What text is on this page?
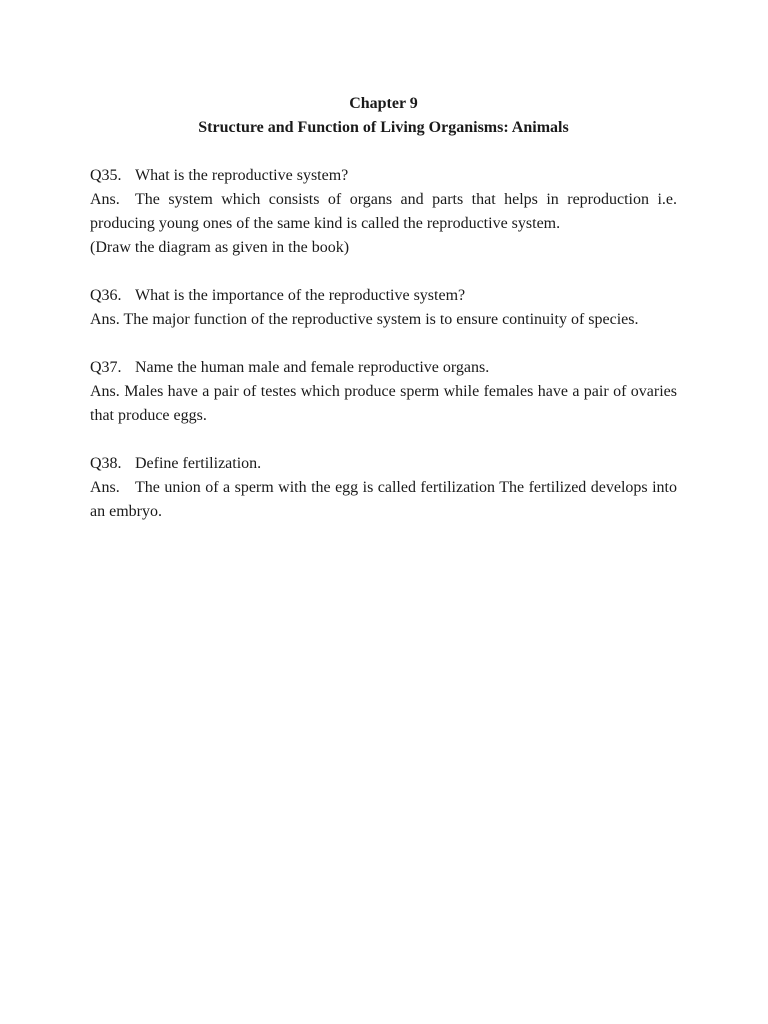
Chapter 9
Structure and Function of Living Organisms: Animals
Q35. What is the reproductive system?
Ans. The system which consists of organs and parts that helps in reproduction i.e. producing young ones of the same kind is called the reproductive system.
(Draw the diagram as given in the book)
Q36. What is the importance of the reproductive system?
Ans. The major function of the reproductive system is to ensure continuity of species.
Q37. Name the human male and female reproductive organs.
Ans. Males have a pair of testes which produce sperm while females have a pair of ovaries that produce eggs.
Q38. Define fertilization.
Ans. The union of a sperm with the egg is called fertilization The fertilized develops into an embryo.
